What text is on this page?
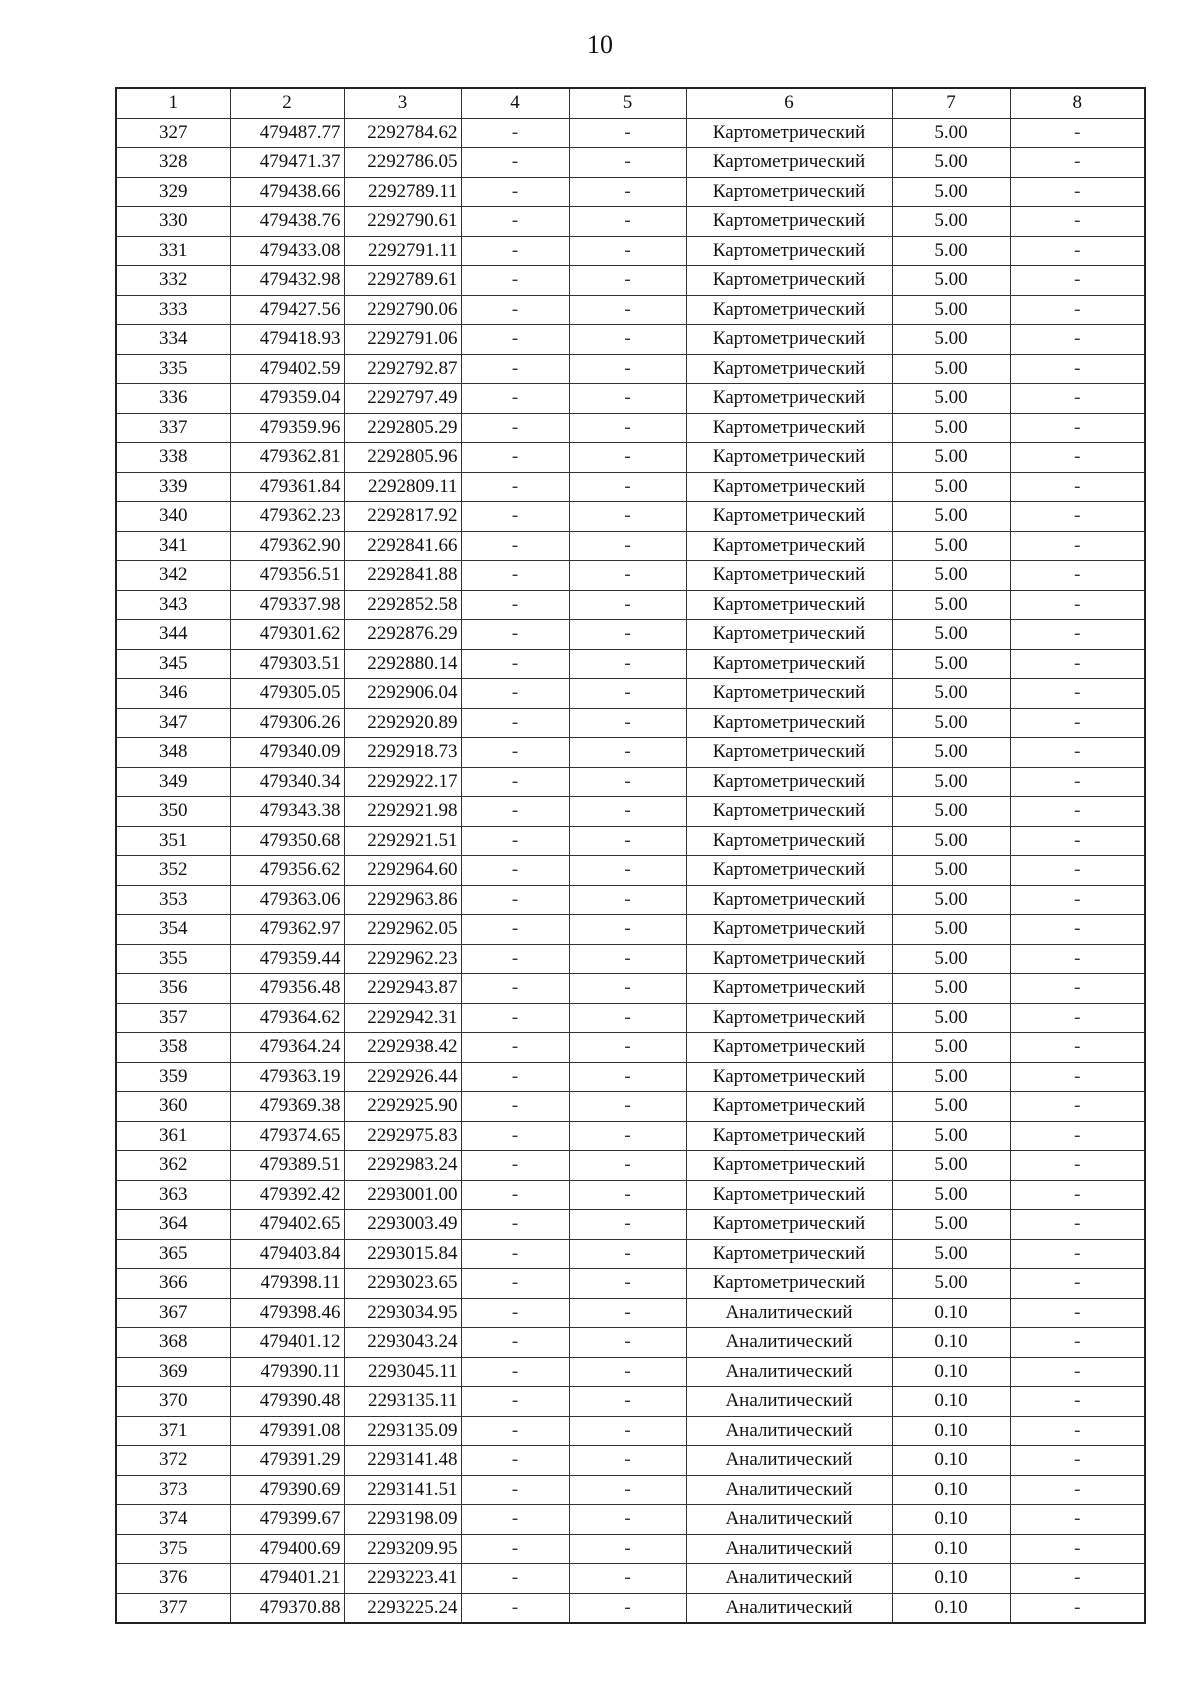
10
1	2	3	4	5	6	7	8
327	479487.77	2292784.62	-	-	Картометрический	5.00	-
328	479471.37	2292786.05	-	-	Картометрический	5.00	-
329	479438.66	2292789.11	-	-	Картометрический	5.00	-
330	479438.76	2292790.61	-	-	Картометрический	5.00	-
331	479433.08	2292791.11	-	-	Картометрический	5.00	-
332	479432.98	2292789.61	-	-	Картометрический	5.00	-
333	479427.56	2292790.06	-	-	Картометрический	5.00	-
334	479418.93	2292791.06	-	-	Картометрический	5.00	-
335	479402.59	2292792.87	-	-	Картометрический	5.00	-
336	479359.04	2292797.49	-	-	Картометрический	5.00	-
337	479359.96	2292805.29	-	-	Картометрический	5.00	-
338	479362.81	2292805.96	-	-	Картометрический	5.00	-
339	479361.84	2292809.11	-	-	Картометрический	5.00	-
340	479362.23	2292817.92	-	-	Картометрический	5.00	-
341	479362.90	2292841.66	-	-	Картометрический	5.00	-
342	479356.51	2292841.88	-	-	Картометрический	5.00	-
343	479337.98	2292852.58	-	-	Картометрический	5.00	-
344	479301.62	2292876.29	-	-	Картометрический	5.00	-
345	479303.51	2292880.14	-	-	Картометрический	5.00	-
346	479305.05	2292906.04	-	-	Картометрический	5.00	-
347	479306.26	2292920.89	-	-	Картометрический	5.00	-
348	479340.09	2292918.73	-	-	Картометрический	5.00	-
349	479340.34	2292922.17	-	-	Картометрический	5.00	-
350	479343.38	2292921.98	-	-	Картометрический	5.00	-
351	479350.68	2292921.51	-	-	Картометрический	5.00	-
352	479356.62	2292964.60	-	-	Картометрический	5.00	-
353	479363.06	2292963.86	-	-	Картометрический	5.00	-
354	479362.97	2292962.05	-	-	Картометрический	5.00	-
355	479359.44	2292962.23	-	-	Картометрический	5.00	-
356	479356.48	2292943.87	-	-	Картометрический	5.00	-
357	479364.62	2292942.31	-	-	Картометрический	5.00	-
358	479364.24	2292938.42	-	-	Картометрический	5.00	-
359	479363.19	2292926.44	-	-	Картометрический	5.00	-
360	479369.38	2292925.90	-	-	Картометрический	5.00	-
361	479374.65	2292975.83	-	-	Картометрический	5.00	-
362	479389.51	2292983.24	-	-	Картометрический	5.00	-
363	479392.42	2293001.00	-	-	Картометрический	5.00	-
364	479402.65	2293003.49	-	-	Картометрический	5.00	-
365	479403.84	2293015.84	-	-	Картометрический	5.00	-
366	479398.11	2293023.65	-	-	Картометрический	5.00	-
367	479398.46	2293034.95	-	-	Аналитический	0.10	-
368	479401.12	2293043.24	-	-	Аналитический	0.10	-
369	479390.11	2293045.11	-	-	Аналитический	0.10	-
370	479390.48	2293135.11	-	-	Аналитический	0.10	-
371	479391.08	2293135.09	-	-	Аналитический	0.10	-
372	479391.29	2293141.48	-	-	Аналитический	0.10	-
373	479390.69	2293141.51	-	-	Аналитический	0.10	-
374	479399.67	2293198.09	-	-	Аналитический	0.10	-
375	479400.69	2293209.95	-	-	Аналитический	0.10	-
376	479401.21	2293223.41	-	-	Аналитический	0.10	-
377	479370.88	2293225.24	-	-	Аналитический	0.10	-
